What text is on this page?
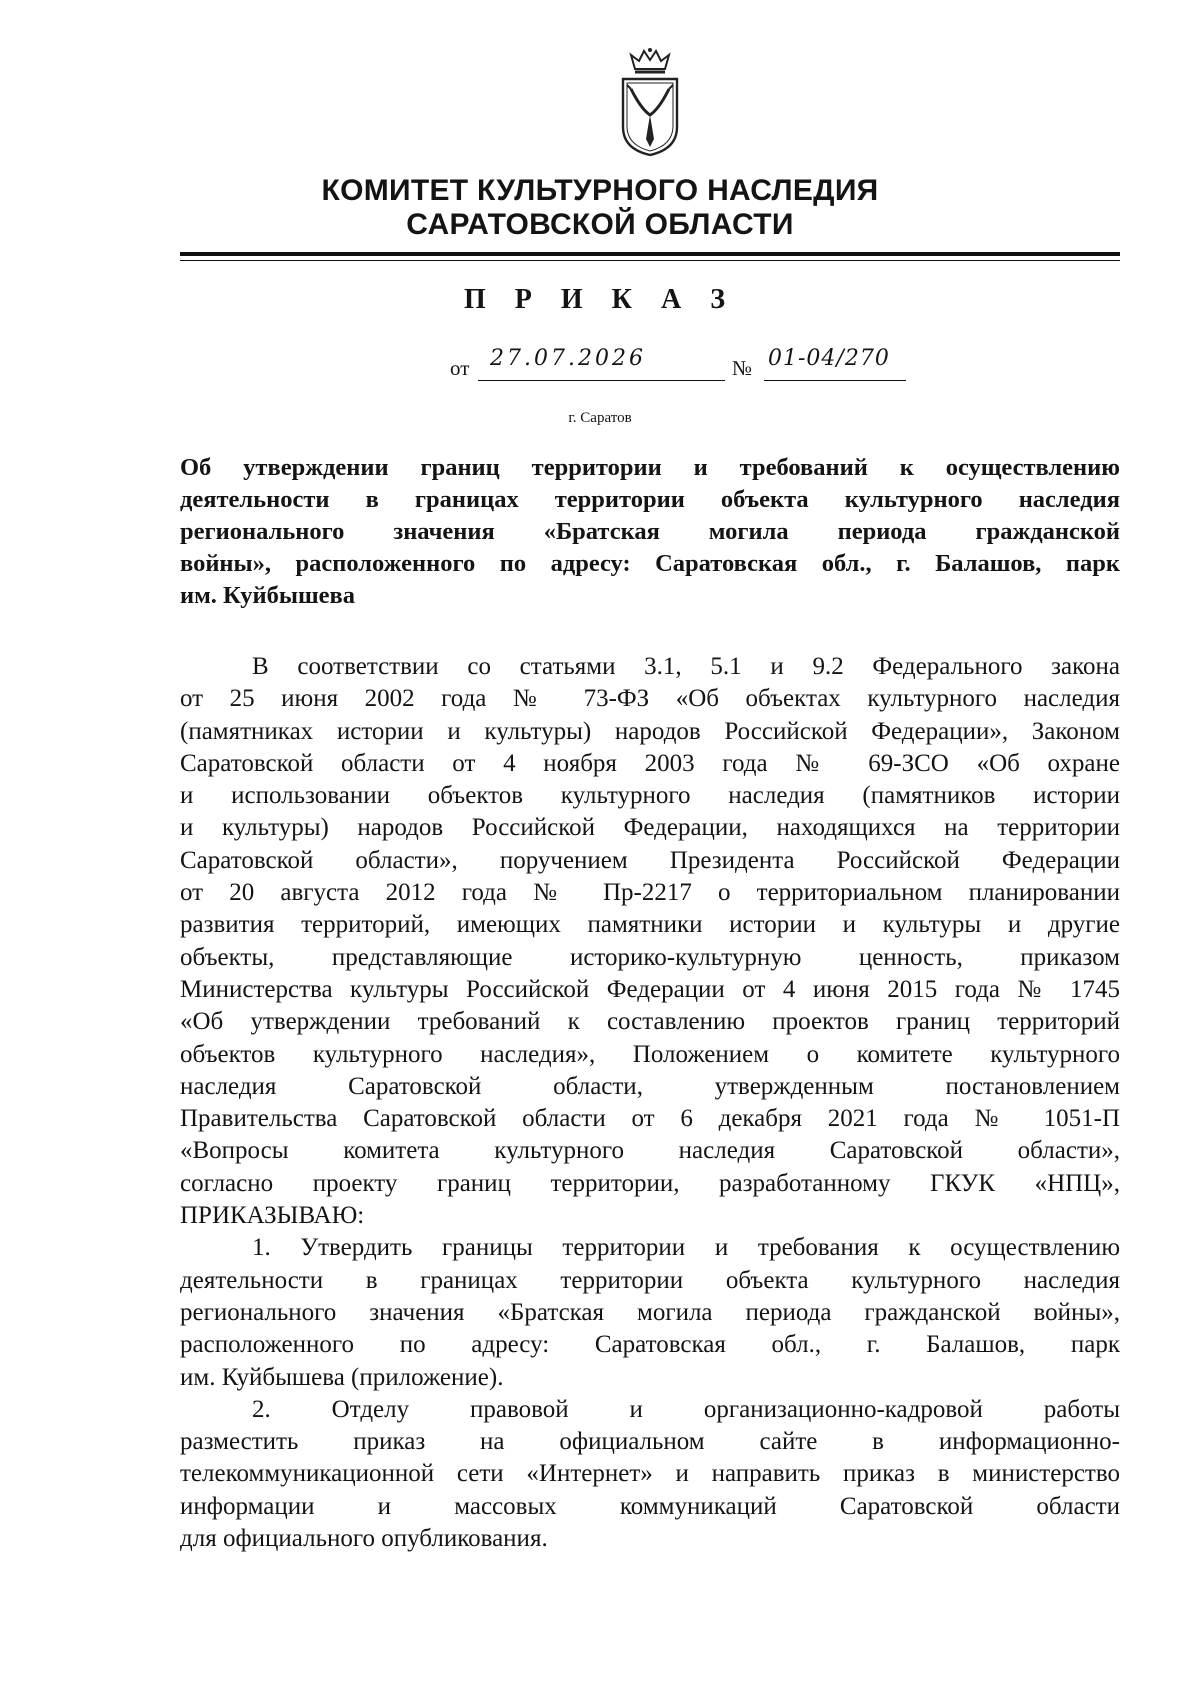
КОМИТЕТ КУЛЬТУРНОГО НАСЛЕДИЯ
САРАТОВСКОЙ ОБЛАСТИ
П Р И К А З
от 27.07.2026	№ 01-04/270
г. Саратов
Об утверждении границ территории и требований к осуществлению
деятельности в границах территории объекта культурного наследия
регионального значения «Братская могила периода гражданской
войны», расположенного по адресу: Саратовская обл., г. Балашов, парк
им. Куйбышева
В соответствии со статьями 3.1, 5.1 и 9.2 Федерального закона
от 25 июня 2002 года № 73-ФЗ «Об объектах культурного наследия
(памятниках истории и культуры) народов Российской Федерации», Законом
Саратовской области от 4 ноября 2003 года № 69-ЗСО «Об охране
и использовании объектов культурного наследия (памятников истории
и культуры) народов Российской Федерации, находящихся на территории
Саратовской области», поручением Президента Российской Федерации
от 20 августа 2012 года № Пр-2217 о территориальном планировании
развития территорий, имеющих памятники истории и культуры и другие
объекты, представляющие историко-культурную ценность, приказом
Министерства культуры Российской Федерации от 4 июня 2015 года № 1745
«Об утверждении требований к составлению проектов границ территорий
объектов культурного наследия», Положением о комитете культурного
наследия Саратовской области, утвержденным постановлением
Правительства Саратовской области от 6 декабря 2021 года № 1051-П
«Вопросы комитета культурного наследия Саратовской области»,
согласно проекту границ территории, разработанному ГКУК «НПЦ»,
ПРИКАЗЫВАЮ:
1. Утвердить границы территории и требования к осуществлению
деятельности в границах территории объекта культурного наследия
регионального значения «Братская могила периода гражданской войны»,
расположенного по адресу: Саратовская обл., г. Балашов, парк
им. Куйбышева (приложение).
2. Отделу правовой и организационно-кадровой работы
разместить приказ на официальном сайте в информационно-
телекоммуникационной сети «Интернет» и направить приказ в министерство
информации и массовых коммуникаций Саратовской области
для официального опубликования.
